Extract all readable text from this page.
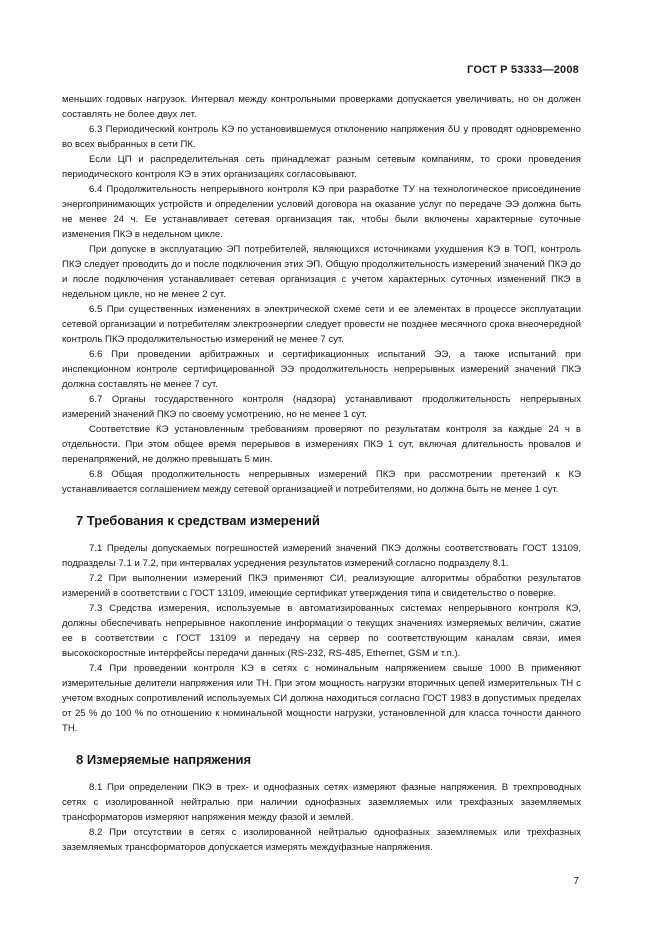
ГОСТ Р 53333—2008

меньших годовых нагрузок. Интервал между контрольными проверками допускается увеличивать, но он должен составлять не более двух лет.

6.3 Периодический контроль КЭ по установившемуся отклонению напряжения δU у проводят одновременно во всех выбранных в сети ПК.

Если ЦП и распределительная сеть принадлежат разным сетевым компаниям, то сроки проведения периодического контроля КЭ в этих организациях согласовывают.

6.4 Продолжительность непрерывного контроля КЭ при разработке ТУ на технологическое присоединение энергопринимающих устройств и определении условий договора на оказание услуг по передаче ЭЭ должна быть не менее 24 ч. Ее устанавливает сетевая организация так, чтобы были включены характерные суточные изменения ПКЭ в недельном цикле.

При допуске в эксплуатацию ЭП потребителей, являющихся источниками ухудшения КЭ в ТОП, контроль ПКЭ следует проводить до и после подключения этих ЭП. Общую продолжительность измерений значений ПКЭ до и после подключения устанавливает сетевая организация с учетом характерных суточных изменений ПКЭ в недельном цикле, но не менее 2 сут.

6.5 При существенных изменениях в электрической схеме сети и ее элементах в процессе эксплуатации сетевой организации и потребителям электроэнергии следует провести не позднее месячного срока внеочередной контроль ПКЭ продолжительностью измерений не менее 7 сут.

6.6 При проведении арбитражных и сертификационных испытаний ЭЭ, а также испытаний при инспекционном контроле сертифицированной ЭЭ продолжительность непрерывных измерений значений ПКЭ должна составлять не менее 7 сут.

6.7 Органы государственного контроля (надзора) устанавливают продолжительность непрерывных измерений значений ПКЭ по своему усмотрению, но не менее 1 сут.

Соответствие КЭ установленным требованиям проверяют по результатам контроля за каждые 24 ч в отдельности. При этом общее время перерывов в измерениях ПКЭ 1 сут, включая длительность провалов и перенапряжений, не должно превышать 5 мин.

6.8 Общая продолжительность непрерывных измерений ПКЭ при рассмотрении претензий к КЭ устанавливается соглашением между сетевой организацией и потребителями, но должна быть не менее 1 сут.

7 Требования к средствам измерений

7.1 Пределы допускаемых погрешностей измерений значений ПКЭ должны соответствовать ГОСТ 13109, подразделы 7.1 и 7.2, при интервалах усреднения результатов измерений согласно подразделу 8.1.

7.2 При выполнении измерений ПКЭ применяют СИ, реализующие алгоритмы обработки результатов измерений в соответствии с ГОСТ 13109, имеющие сертификат утверждения типа и свидетельство о поверке.

7.3 Средства измерения, используемые в автоматизированных системах непрерывного контроля КЭ, должны обеспечивать непрерывное накопление информации о текущих значениях измеряемых величин, сжатие ее в соответствии с ГОСТ 13109 и передачу на сервер по соответствующим каналам связи, имея высокоскоростные интерфейсы передачи данных (RS-232, RS-485, Ethernet, GSM и т.п.).

7.4 При проведении контроля КЭ в сетях с номинальным напряжением свыше 1000 В применяют измерительные делители напряжения или ТН. При этом мощность нагрузки вторичных цепей измерительных ТН с учетом входных сопротивлений используемых СИ должна находиться согласно ГОСТ 1983 в допустимых пределах от 25 % до 100 % по отношению к номинальной мощности нагрузки, установленной для класса точности данного ТН.

8 Измеряемые напряжения

8.1 При определении ПКЭ в трех- и однофазных сетях измеряют фазные напряжения. В трехпроводных сетях с изолированной нейтралью при наличии однофазных заземляемых или трехфазных заземляемых трансформаторов измеряют напряжения между фазой и землей.

8.2 При отсутствии в сетях с изолированной нейтралью однофазных заземляемых или трехфазных заземляемых трансформаторов допускается измерять междуфазные напряжения.

7
